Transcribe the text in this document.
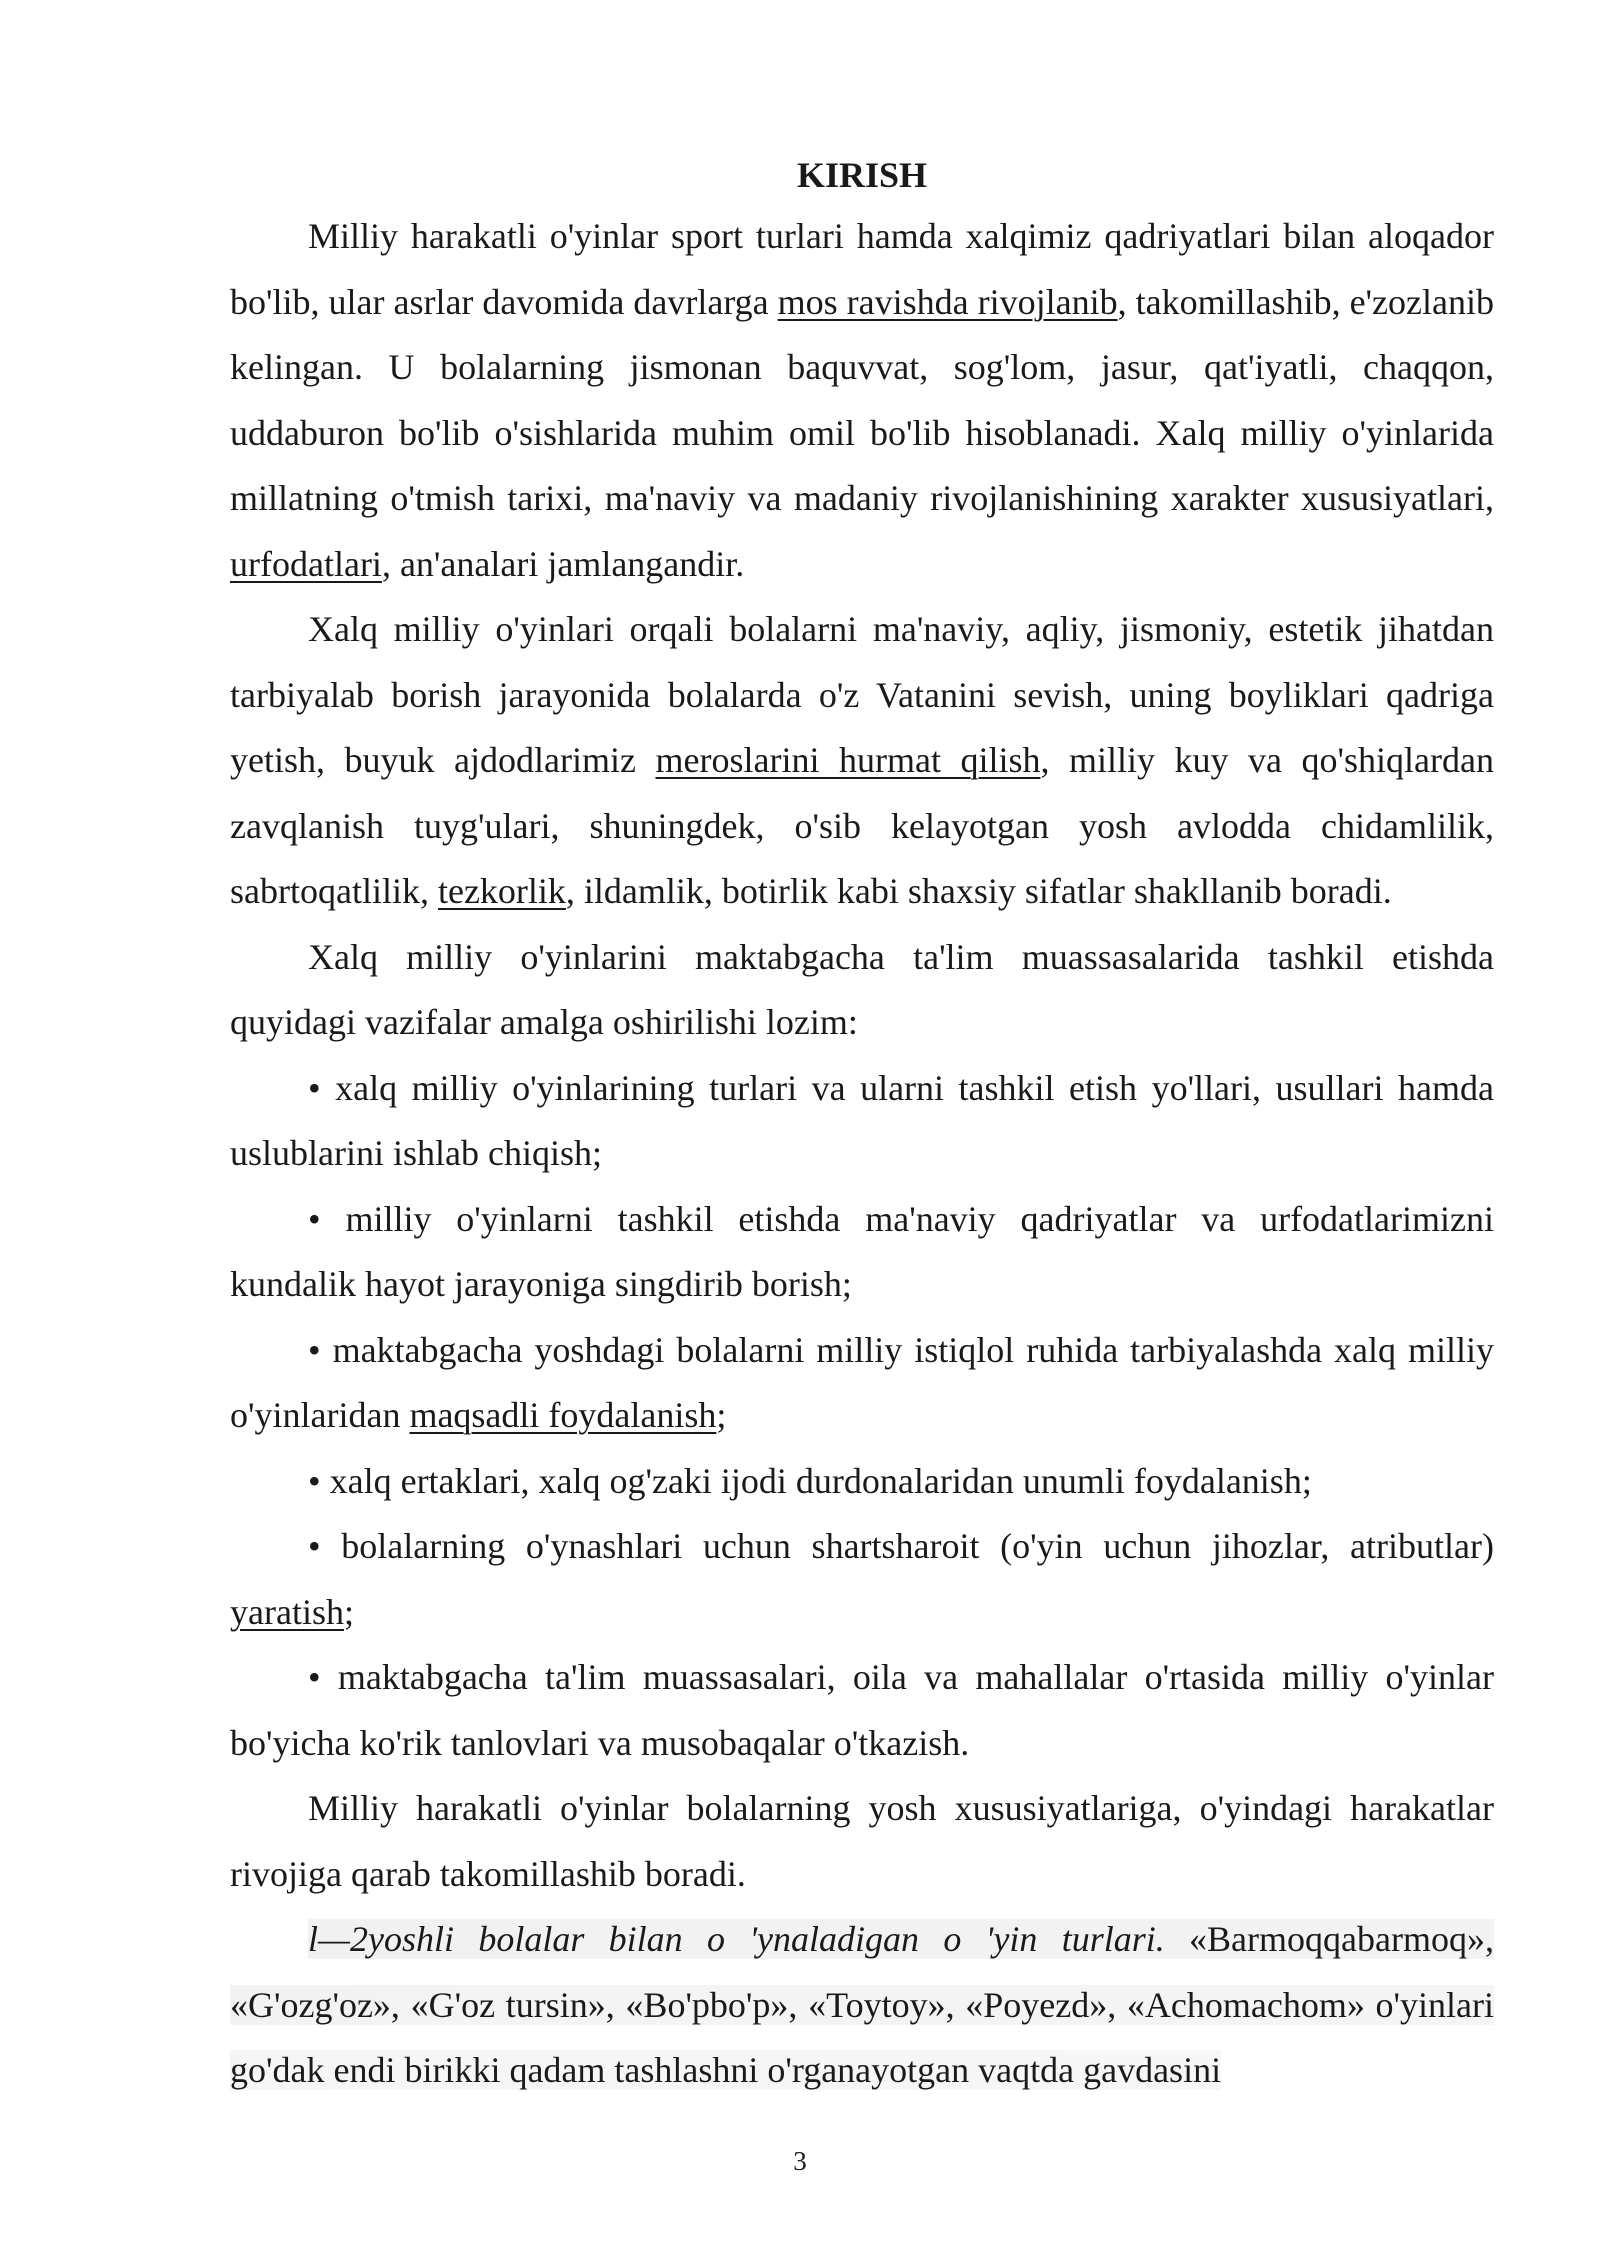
KIRISH

Milliy harakatli o'yinlar sport turlari hamda xalqimiz qadriyatlari bilan aloqador bo'lib, ular asrlar davomida davrlarga mos ravishda rivojlanib, takomillashib, e'zozlanib kelingan. U bolalarning jismonan baquvvat, sog'lom, jasur, qat'iyatli, chaqqon, uddaburon bo'lib o'sishlarida muhim omil bo'lib hisoblanadi. Xalq milliy o'yinlarida millatning o'tmish tarixi, ma'naviy va madaniy rivojlanishining xarakter xususiyatlari, urfodatlari, an'analari jamlangandir.

Xalq milliy o'yinlari orqali bolalarni ma'naviy, aqliy, jismoniy, estetik jihatdan tarbiyalab borish jarayonida bolalarda o'z Vatanini sevish, uning boyliklari qadriga yetish, buyuk ajdodlarimiz meroslarini hurmat qilish, milliy kuy va qo'shiqlardan zavqlanish tuyg'ulari, shuningdek, o'sib kelayotgan yosh avlodda chidamlilik, sabrtoqatlilik, tezkorlik, ildamlik, botirlik kabi shaxsiy sifatlar shakllanib boradi.

Xalq milliy o'yinlarini maktabgacha ta'lim muassasalarida tashkil etishda quyidagi vazifalar amalga oshirilishi lozim:

• xalq milliy o'yinlarining turlari va ularni tashkil etish yo'llari, usullari hamda uslublarini ishlab chiqish;

• milliy o'yinlarni tashkil etishda ma'naviy qadriyatlar va urfodatlarimizni kundalik hayot jarayoniga singdirib borish;

• maktabgacha yoshdagi bolalarni milliy istiqlol ruhida tarbiyalashda xalq milliy o'yinlaridan maqsadli foydalanish;

• xalq ertaklari, xalq og'zaki ijodi durdonalaridan unumli foydalanish;

• bolalarning o'ynashlari uchun shartsharoit (o'yin uchun jihozlar, atributlar) yaratish;

• maktabgacha ta'lim muassasalari, oila va mahallalar o'rtasida milliy o'yinlar bo'yicha ko'rik tanlovlari va musobaqalar o'tkazish.

Milliy harakatli o'yinlar bolalarning yosh xususiyatlariga, o'yindagi harakatlar rivojiga qarab takomillashib boradi.

l—2yoshli bolalar bilan o 'ynaladigan o 'yin turlari. «Barmoqqabarmoq», «G'ozg'oz», «G'oz tursin», «Bo'pbo'p», «Toytoy», «Poyezd», «Achomachom» o'yinlari go'dak endi birikki qadam tashlashni o'rganayotgan vaqtda gavdasini

3
